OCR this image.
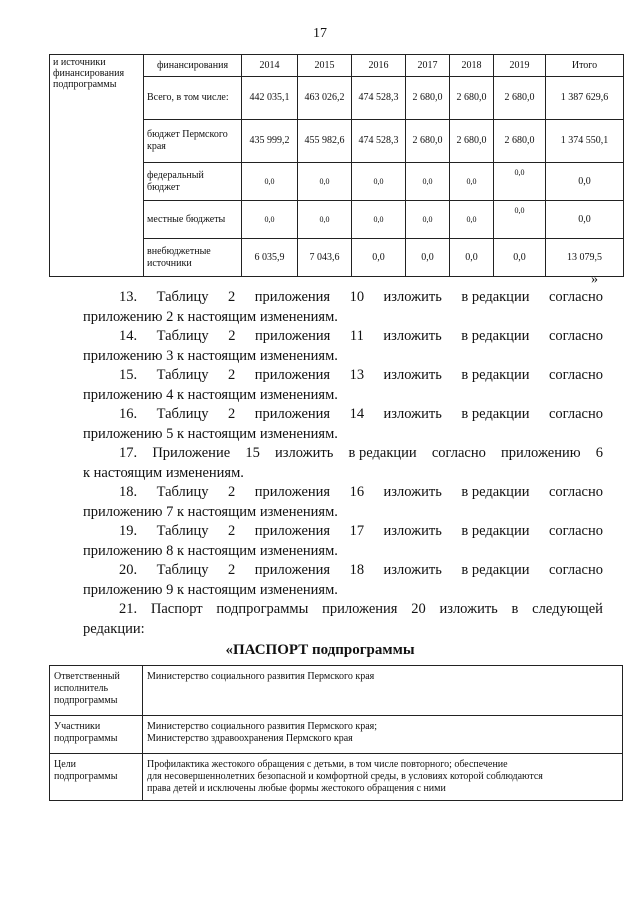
17
и источники финансирования подпрограммы	финансирования	2014	2015	2016	2017	2018	2019	Итого
	Всего, в том числе:	442 035,1	463 026,2	474 528,3	2 680,0	2 680,0	2 680,0	1 387 629,6
	бюджет Пермского края	435 999,2	455 982,6	474 528,3	2 680,0	2 680,0	2 680,0	1 374 550,1
	федеральный бюджет	0,0	0,0	0,0	0,0	0,0	0,0	0,0
	местные бюджеты	0,0	0,0	0,0	0,0	0,0	0,0	0,0
	внебюджетные источники	6 035,9	7 043,6	0,0	0,0	0,0	0,0	13 079,5
»
13. Таблицу 2 приложения 10 изложить в редакции согласно
приложению 2 к настоящим изменениям.
14. Таблицу 2 приложения 11 изложить в редакции согласно
приложению 3 к настоящим изменениям.
15. Таблицу 2 приложения 13 изложить в редакции согласно
приложению 4 к настоящим изменениям.
16. Таблицу 2 приложения 14 изложить в редакции согласно
приложению 5 к настоящим изменениям.
17. Приложение 15 изложить в редакции согласно приложению 6
к настоящим изменениям.
18. Таблицу 2 приложения 16 изложить в редакции согласно
приложению 7 к настоящим изменениям.
19. Таблицу 2 приложения 17 изложить в редакции согласно
приложению 8 к настоящим изменениям.
20. Таблицу 2 приложения 18 изложить в редакции согласно
приложению 9 к настоящим изменениям.
21. Паспорт подпрограммы приложения 20 изложить в следующей
редакции:
«ПАСПОРТ подпрограммы
Ответственный исполнитель подпрограммы	Министерство социального развития Пермского края

Участники подпрограммы	Министерство социального развития Пермского края;
Министерство здравоохранения Пермского края

Цели подпрограммы	Профилактика жестокого обращения с детьми, в том числе повторного; обеспечение
для несовершеннолетних безопасной и комфортной среды, в условиях которой соблюдаются
права детей и исключены любые формы жестокого обращения с ними
